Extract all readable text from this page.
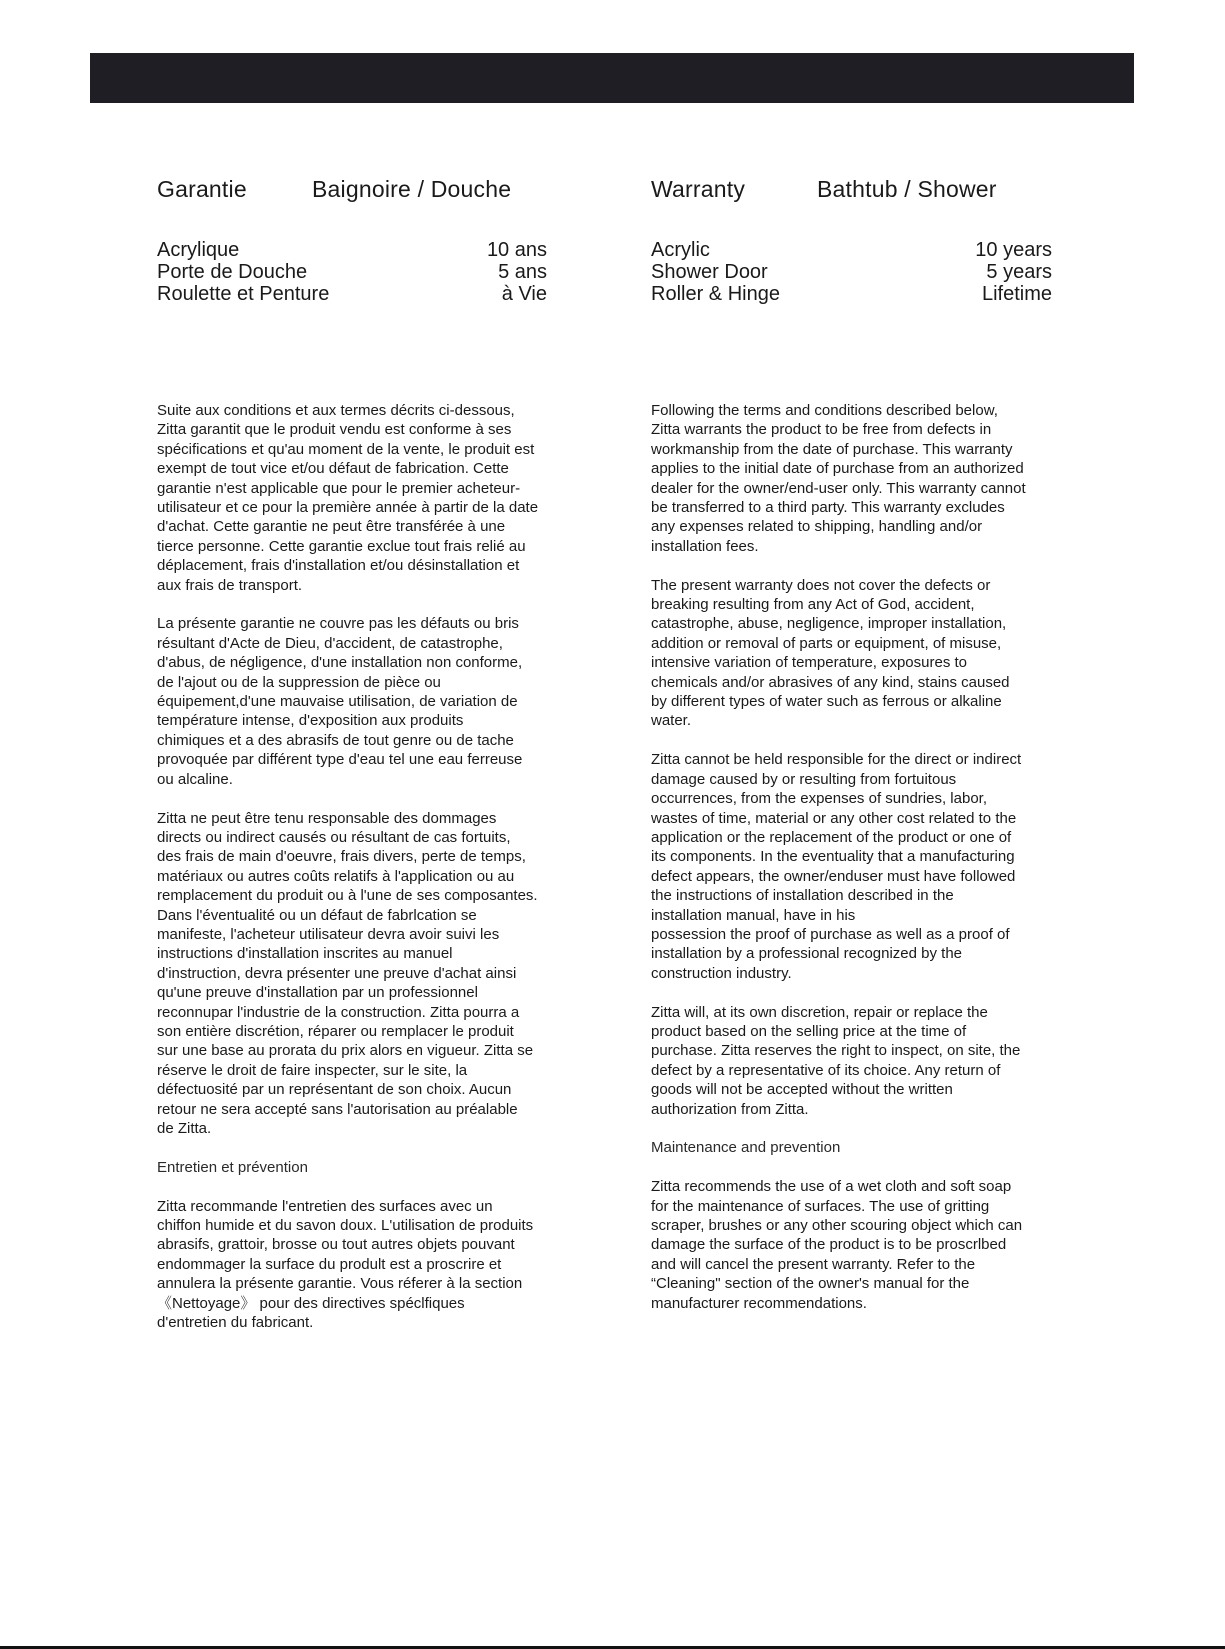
Garantie	Baignoire / Douche
Acrylique	10 ans
Porte de Douche	5 ans
Roulette et Penture	à Vie
Suite aux conditions et aux termes décrits ci-dessous,
Zitta garantit que le produit vendu est conforme à ses
spécifications et qu'au moment de la vente, le produit est
exempt de tout vice et/ou défaut de fabrication. Cette
garantie n'est applicable que pour le premier acheteur-
utilisateur et ce pour la première année à partir de la date
d'achat. Cette garantie ne peut être transférée à une
tierce personne. Cette garantie exclue tout frais relié au
déplacement, frais d'installation et/ou désinstallation et
aux frais de transport.
La présente garantie ne couvre pas les défauts ou bris
résultant d'Acte de Dieu, d'accident, de catastrophe,
d'abus, de négligence, d'une installation non conforme,
de l'ajout ou de la suppression de pièce ou
équipement,d'une mauvaise utilisation, de variation de
température intense, d'exposition aux produits
chimiques et a des abrasifs de tout genre ou de tache
provoquée par différent type d'eau tel une eau ferreuse
ou alcaline.
Zitta ne peut être tenu responsable des dommages
directs ou indirect causés ou résultant de cas fortuits,
des frais de main d'oeuvre, frais divers, perte de temps,
matériaux ou autres coûts relatifs à l'application ou au
remplacement du produit ou à l'une de ses composantes.
Dans l'éventualité ou un défaut de fabrlcation se
manifeste, l'acheteur utilisateur devra avoir suivi les
instructions d'installation inscrites au manuel
d'instruction, devra présenter une preuve d'achat ainsi
qu'une preuve d'installation par un professionnel
reconnupar l'industrie de la construction. Zitta pourra a
son entière discrétion, réparer ou remplacer le produit
sur une base au prorata du prix alors en vigueur. Zitta se
réserve le droit de faire inspecter, sur le site, la
défectuosité par un représentant de son choix. Aucun
retour ne sera accepté sans l'autorisation au préalable
de Zitta.
Entretien et prévention
Zitta recommande l'entretien des surfaces avec un
chiffon humide et du savon doux. L'utilisation de produits
abrasifs, grattoir, brosse ou tout autres objets pouvant
endommager la surface du prodult est a proscrire et
annulera la présente garantie. Vous réferer à la section
《Nettoyage》 pour des directives spéclfiques
d'entretien du fabricant.
Warranty	Bathtub / Shower
Acrylic	10 years
Shower Door	5 years
Roller & Hinge	Lifetime
Following the terms and conditions described below,
Zitta warrants the product to be free from defects in
workmanship from the date of purchase. This warranty
applies to the initial date of purchase from an authorized
dealer for the owner/end-user only. This warranty cannot
be transferred to a third party. This warranty excludes
any expenses related to shipping, handling and/or
installation fees.
The present warranty does not cover the defects or
breaking resulting from any Act of God, accident,
catastrophe, abuse, negligence, improper installation,
addition or removal of parts or equipment, of misuse,
intensive variation of temperature, exposures to
chemicals and/or abrasives of any kind, stains caused
by different types of water such as ferrous or alkaline
water.
Zitta cannot be held responsible for the direct or indirect
damage caused by or resulting from fortuitous
occurrences, from the expenses of sundries, labor,
wastes of time, material or any other cost related to the
application or the replacement of the product or one of
its components. In the eventuality that a manufacturing
defect appears, the owner/enduser must have followed
the instructions of installation described in the
installation manual, have in his
possession the proof of purchase as well as a proof of
installation by a professional recognized by the
construction industry.
Zitta will, at its own discretion, repair or replace the
product based on the selling price at the time of
purchase. Zitta reserves the right to inspect, on site, the
defect by a representative of its choice. Any return of
goods will not be accepted without the written
authorization from Zitta.
Maintenance and prevention
Zitta recommends the use of a wet cloth and soft soap
for the maintenance of surfaces. The use of gritting
scraper, brushes or any other scouring object which can
damage the surface of the product is to be proscrlbed
and will cancel the present warranty. Refer to the
“Cleaning" section of the owner's manual for the
manufacturer recommendations.
